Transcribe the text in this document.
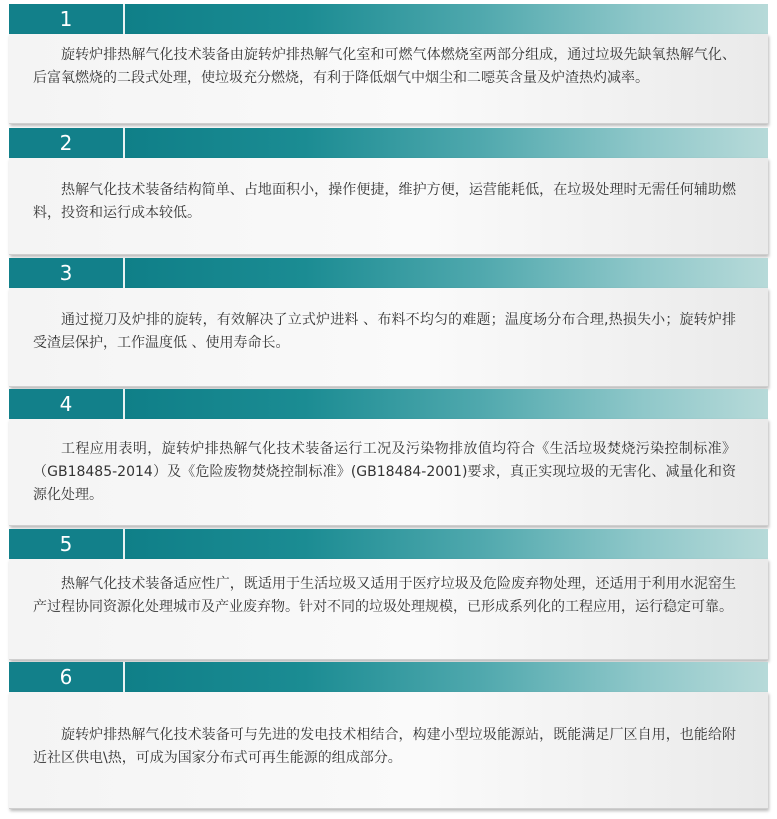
1
旋转炉排热解气化技术装备由旋转炉排热解气化室和可燃气体燃烧室两部分组成，通过垃圾先缺氧热解气化、后富氧燃烧的二段式处理，使垃圾充分燃烧，有利于降低烟气中烟尘和二噁英含量及炉渣热灼减率。
2
热解气化技术装备结构简单、占地面积小，操作便捷，维护方便，运营能耗低，在垃圾处理时无需任何辅助燃料，投资和运行成本较低。
3
通过搅刀及炉排的旋转，有效解决了立式炉进料 、布料不均匀的难题；温度场分布合理,热损失小；旋转炉排受渣层保护，工作温度低 、使用寿命长。
4
工程应用表明，旋转炉排热解气化技术装备运行工况及污染物排放值均符合《生活垃圾焚烧污染控制标准》（GB18485-2014）及《危险废物焚烧控制标准》(GB18484-2001)要求，真正实现垃圾的无害化、减量化和资源化处理。
5
热解气化技术装备适应性广，既适用于生活垃圾又适用于医疗垃圾及危险废弃物处理，还适用于利用水泥窑生产过程协同资源化处理城市及产业废弃物。针对不同的垃圾处理规模，已形成系列化的工程应用，运行稳定可靠。
6
旋转炉排热解气化技术装备可与先进的发电技术相结合，构建小型垃圾能源站，既能满足厂区自用，也能给附近社区供电\热，可成为国家分布式可再生能源的组成部分。
